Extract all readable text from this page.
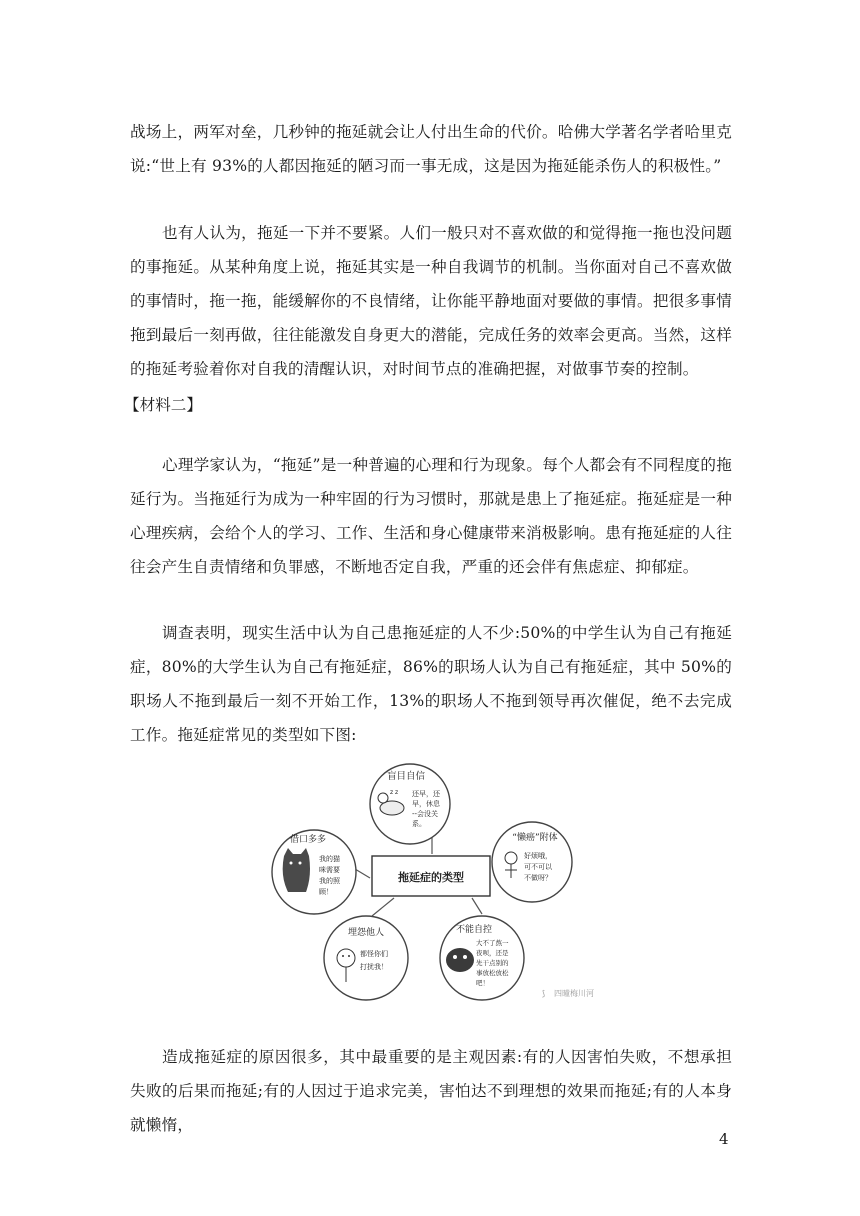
战场上，两军对垒，几秒钟的拖延就会让人付出生命的代价。哈佛大学著名学者哈里克说:“世上有 93%的人都因拖延的陋习而一事无成，这是因为拖延能杀伤人的积极性。”

也有人认为，拖延一下并不要紧。人们一般只对不喜欢做的和觉得拖一拖也没问题的事拖延。从某种角度上说，拖延其实是一种自我调节的机制。当你面对自己不喜欢做的事情时，拖一拖，能缓解你的不良情绪，让你能平静地面对要做的事情。把很多事情拖到最后一刻再做，往往能激发自身更大的潜能，完成任务的效率会更高。当然，这样的拖延考验着你对自我的清醒认识，对时间节点的准确把握，对做事节奏的控制。

【材料二】

心理学家认为，“拖延”是一种普遍的心理和行为现象。每个人都会有不同程度的拖延行为。当拖延行为成为一种牢固的行为习惯时，那就是患上了拖延症。拖延症是一种心理疾病，会给个人的学习、工作、生活和身心健康带来消极影响。患有拖延症的人往往会产生自责情绪和负罪感，不断地否定自我，严重的还会伴有焦虑症、抑郁症。

调查表明，现实生活中认为自己患拖延症的人不少:50%的中学生认为自己有拖延症，80%的大学生认为自己有拖延症，86%的职场人认为自己有拖延症，其中 50%的职场人不拖到最后一刻不开始工作，13%的职场人不拖到领导再次催促，绝不去完成工作。拖延症常见的类型如下图:

盲目自信
z z 还早，还
早，休息
--会没关
系。
“懒癌”附体
好烦哦，
可不可以
不做呀？
借口多多
我的猫
咪需要
我的照
顾！
拖延症的类型
埋怨他人
都怪你们
打扰我！
不能自控
大不了熬一
夜呗，还是
先干点别的
事放松放松
吧！
⟆ 四曈梅川河

造成拖延症的原因很多，其中最重要的是主观因素:有的人因害怕失败，不想承担失败的后果而拖延;有的人因过于追求完美，害怕达不到理想的效果而拖延;有的人本身就懒惰，

4
